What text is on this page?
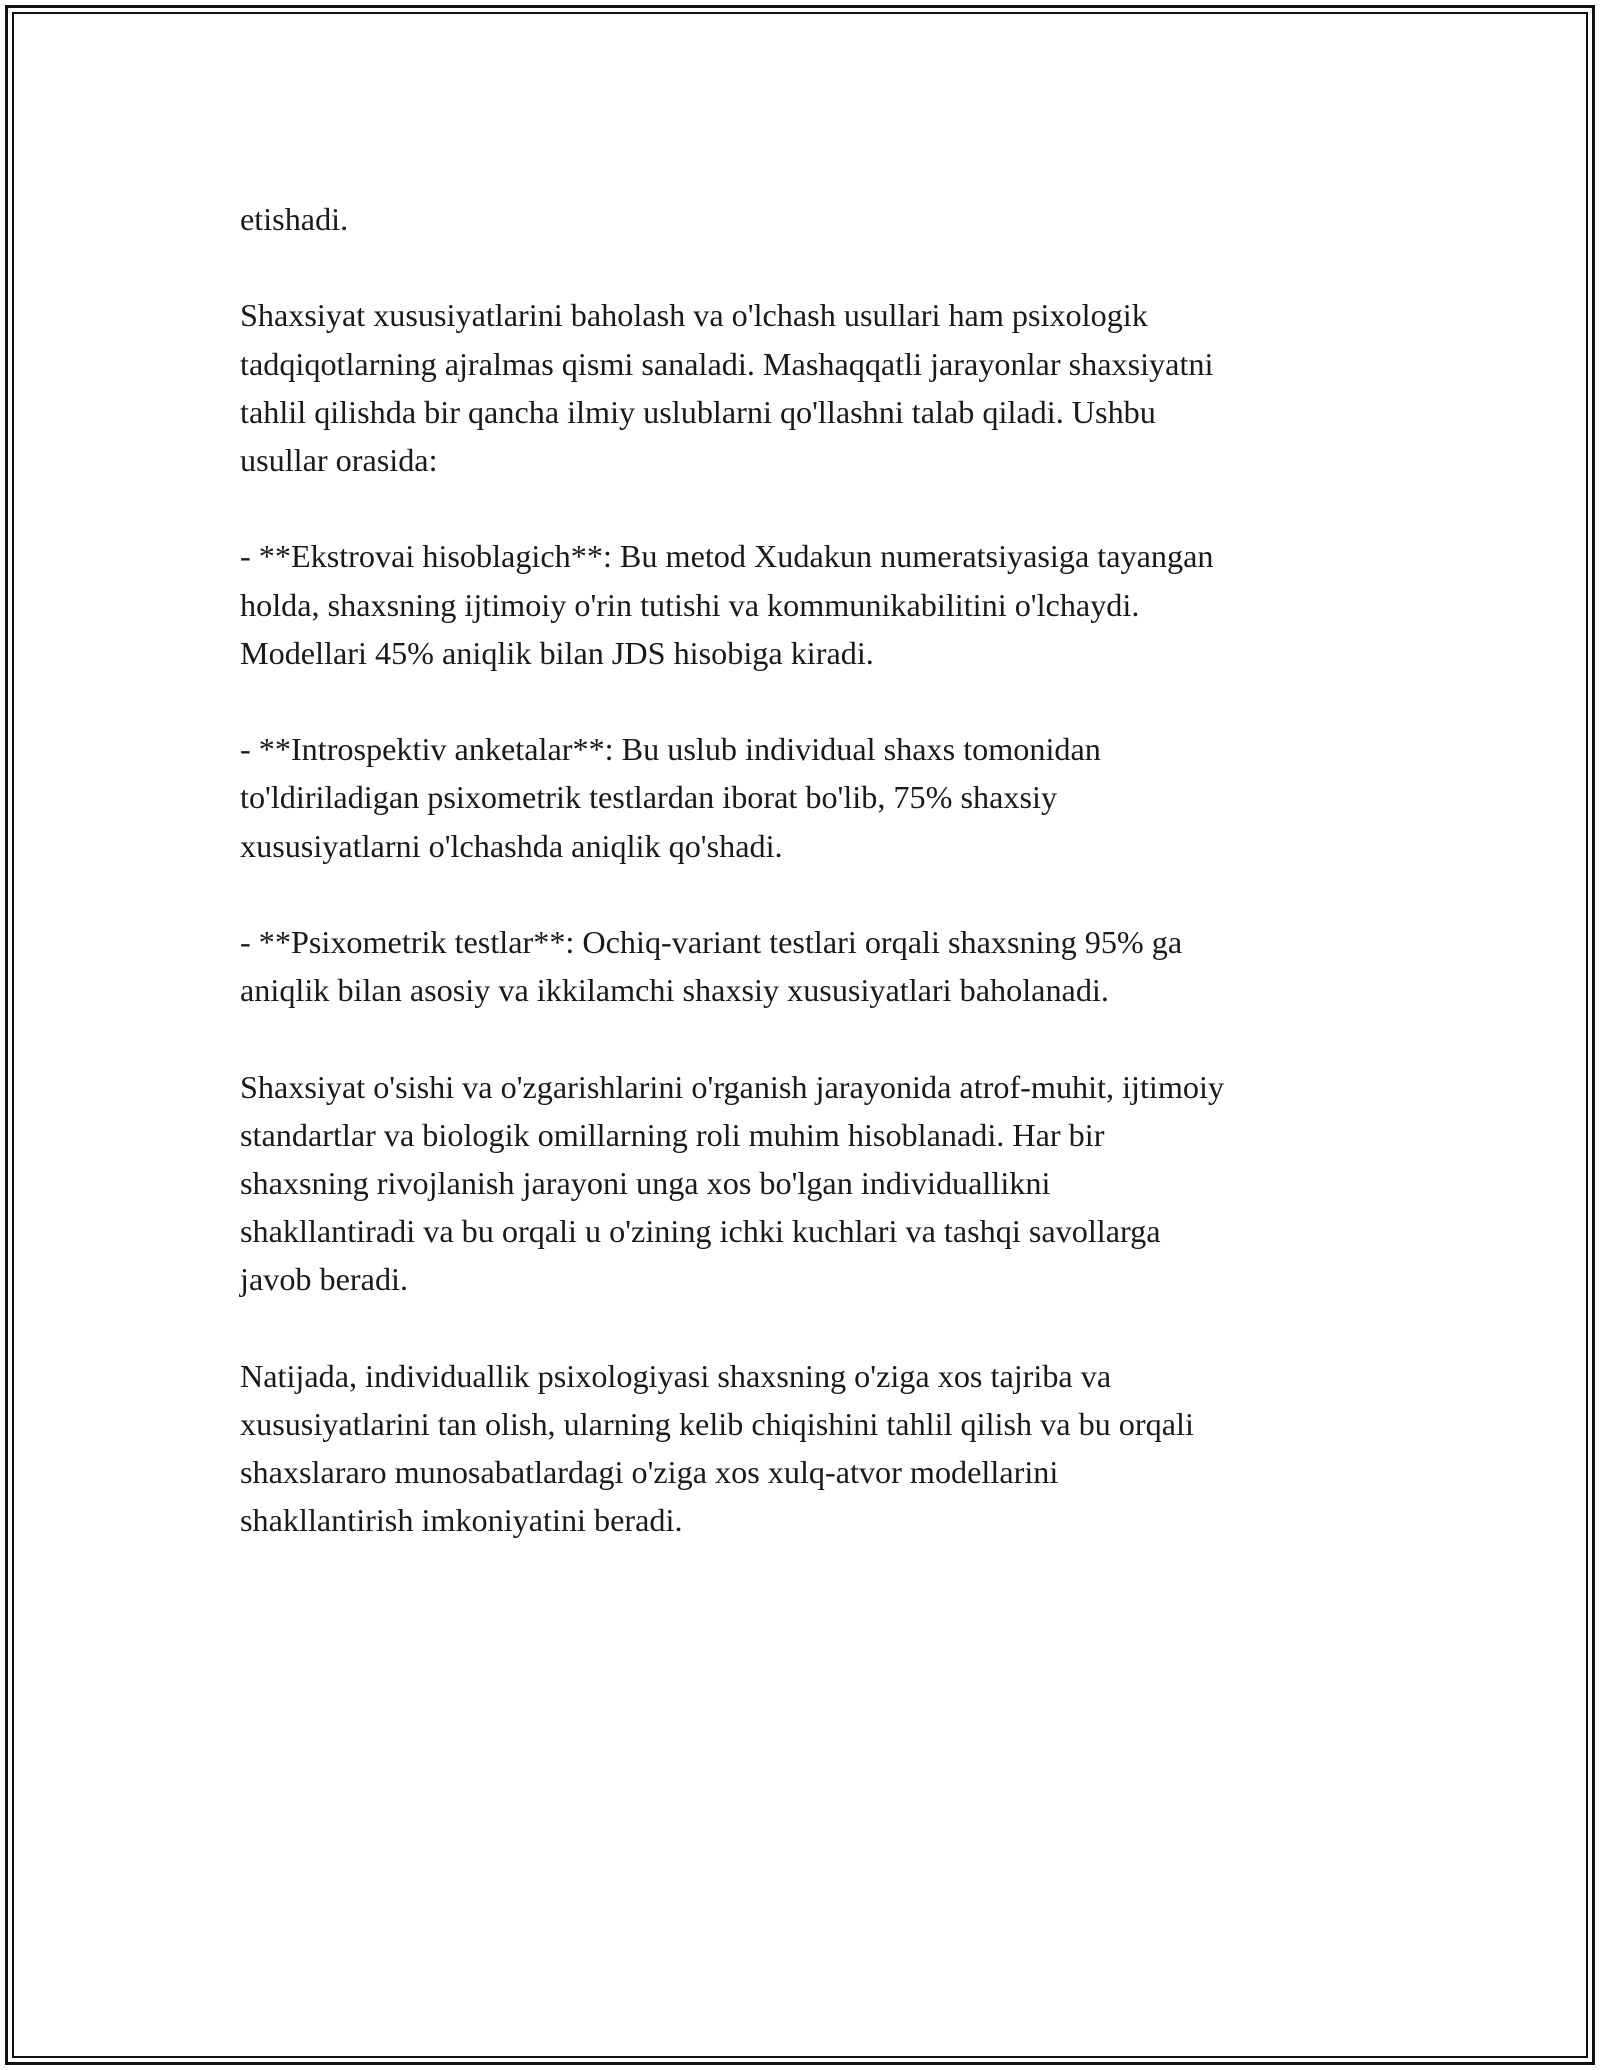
etishadi.

Shaxsiyat xususiyatlarini baholash va o'lchash usullari ham psixologik
tadqiqotlarning ajralmas qismi sanaladi. Mashaqqatli jarayonlar shaxsiyatni
tahlil qilishda bir qancha ilmiy uslublarni qo'llashni talab qiladi. Ushbu
usullar orasida:

- **Ekstrovai hisoblagich**: Bu metod Xudakun numeratsiyasiga tayangan
holda, shaxsning ijtimoiy o'rin tutishi va kommunikabilitini o'lchaydi.
Modellari 45% aniqlik bilan JDS hisobiga kiradi.

- **Introspektiv anketalar**: Bu uslub individual shaxs tomonidan
to'ldiriladigan psixometrik testlardan iborat bo'lib, 75% shaxsiy
xususiyatlarni o'lchashda aniqlik qo'shadi.

- **Psixometrik testlar**: Ochiq-variant testlari orqali shaxsning 95% ga
aniqlik bilan asosiy va ikkilamchi shaxsiy xususiyatlari baholanadi.

Shaxsiyat o'sishi va o'zgarishlarini o'rganish jarayonida atrof-muhit, ijtimoiy
standartlar va biologik omillarning roli muhim hisoblanadi. Har bir
shaxsning rivojlanish jarayoni unga xos bo'lgan individuallikni
shakllantiradi va bu orqali u o'zining ichki kuchlari va tashqi savollarga
javob beradi.

Natijada, individuallik psixologiyasi shaxsning o'ziga xos tajriba va
xususiyatlarini tan olish, ularning kelib chiqishini tahlil qilish va bu orqali
shaxslararo munosabatlardagi o'ziga xos xulq-atvor modellarini
shakllantirish imkoniyatini beradi.
